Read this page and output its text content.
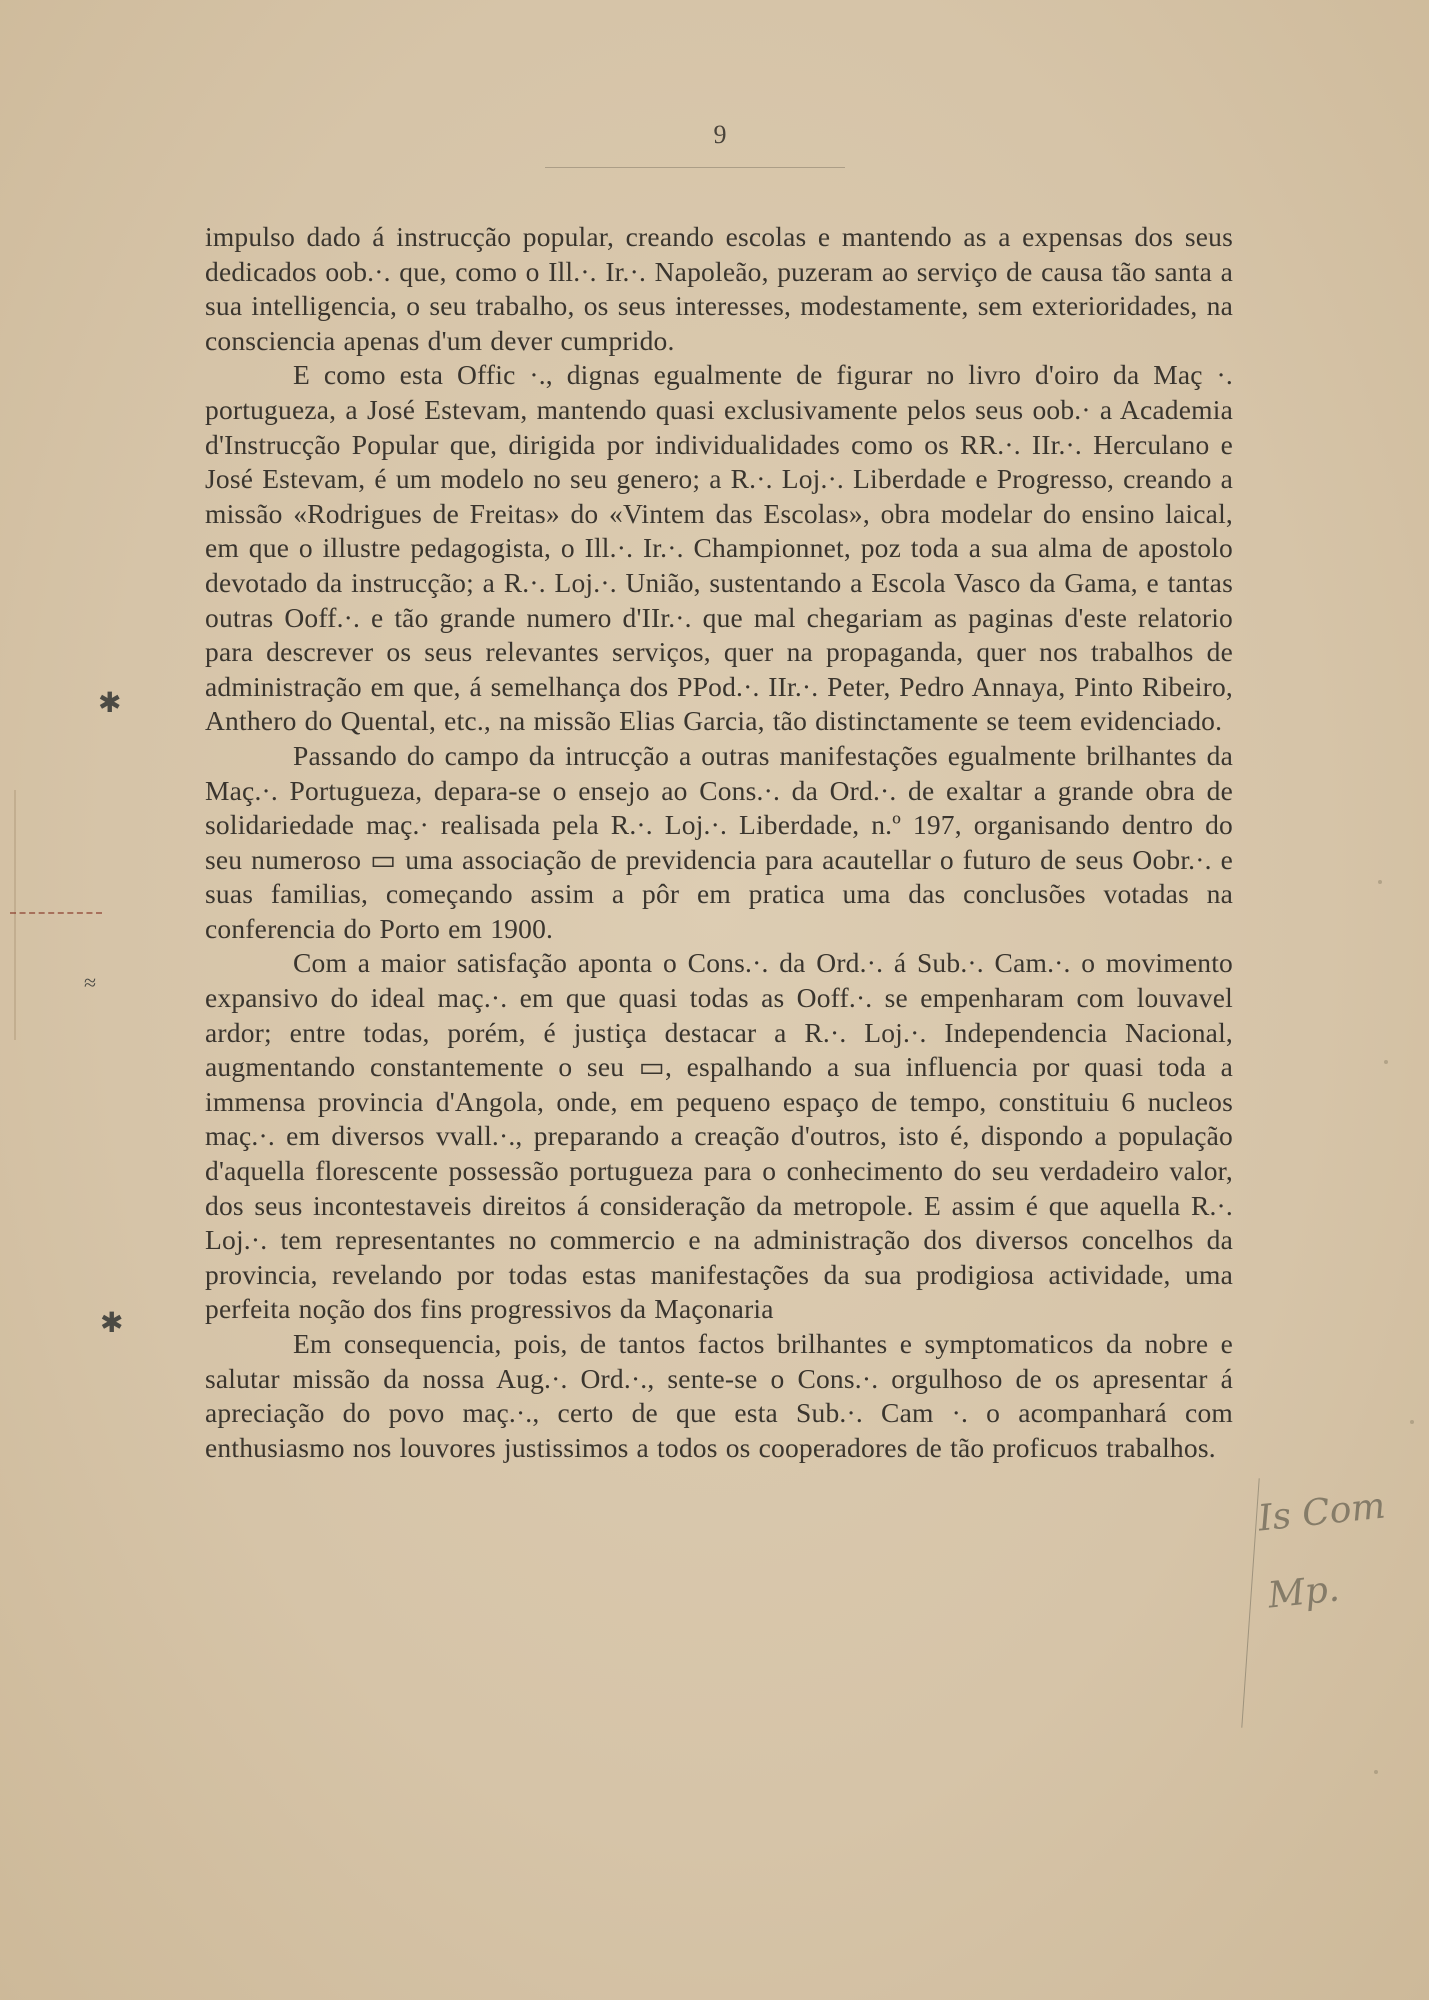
9

impulso dado á instrucção popular, creando escolas e mantendo as a expensas dos seus dedicados oob.·. que, como o Ill.·. Ir.·. Napoleão, puzeram ao serviço de causa tão santa a sua intelligencia, o seu trabalho, os seus interesses, modestamente, sem exterioridades, na consciencia apenas d'um dever cumprido.

E como esta Offic ·., dignas egualmente de figurar no livro d'oiro da Maç ·. portugueza, a José Estevam, mantendo quasi exclusivamente pelos seus oob.· a Academia d'Instrucção Popular que, dirigida por individualidades como os RR.·. IIr.·. Herculano e José Estevam, é um modelo no seu genero; a R.·. Loj.·. Liberdade e Progresso, creando a missão «Rodrigues de Freitas» do «Vintem das Escolas», obra modelar do ensino laical, em que o illustre pedagogista, o Ill.·. Ir.·. Championnet, poz toda a sua alma de apostolo devotado da instrucção; a R.·. Loj.·. União, sustentando a Escola Vasco da Gama, e tantas outras Ooff.·. e tão grande numero d'IIr.·. que mal chegariam as paginas d'este relatorio para descrever os seus relevantes serviços, quer na propaganda, quer nos trabalhos de administração em que, á semelhança dos PPod.·. IIr.·. Peter, Pedro Annaya, Pinto Ribeiro, Anthero do Quental, etc., na missão Elias Garcia, tão distinctamente se teem evidenciado.

Passando do campo da intrucção a outras manifestações egualmente brilhantes da Maç.·. Portugueza, depara-se o ensejo ao Cons.·. da Ord.·. de exaltar a grande obra de solidariedade maç.· realisada pela R.·. Loj.·. Liberdade, n.º 197, organisando dentro do seu numeroso ▭ uma associação de previdencia para acautellar o futuro de seus Oobr.·. e suas familias, começando assim a pôr em pratica uma das conclusões votadas na conferencia do Porto em 1900.

Com a maior satisfação aponta o Cons.·. da Ord.·. á Sub.·. Cam.·. o movimento expansivo do ideal maç.·. em que quasi todas as Ooff.·. se empenharam com louvavel ardor; entre todas, porém, é justiça destacar a R.·. Loj.·. Independencia Nacional, augmentando constantemente o seu ▭, espalhando a sua influencia por quasi toda a immensa provincia d'Angola, onde, em pequeno espaço de tempo, constituiu 6 nucleos maç.·. em diversos vvall.·., preparando a creação d'outros, isto é, dispondo a população d'aquella florescente possessão portugueza para o conhecimento do seu verdadeiro valor, dos seus incontestaveis direitos á consideração da metropole. E assim é que aquella R.·. Loj.·. tem representantes no commercio e na administração dos diversos concelhos da provincia, revelando por todas estas manifestações da sua prodigiosa actividade, uma perfeita noção dos fins progressivos da Maçonaria

Em consequencia, pois, de tantos factos brilhantes e symptomaticos da nobre e salutar missão da nossa Aug.·. Ord.·., sente-se o Cons.·. orgulhoso de os apresentar á apreciação do povo maç.·., certo de que esta Sub.·. Cam ·. o acompanhará com enthusiasmo nos louvores justissimos a todos os cooperadores de tão proficuos trabalhos.

Is Com
Mp.
✱
≈
✱
